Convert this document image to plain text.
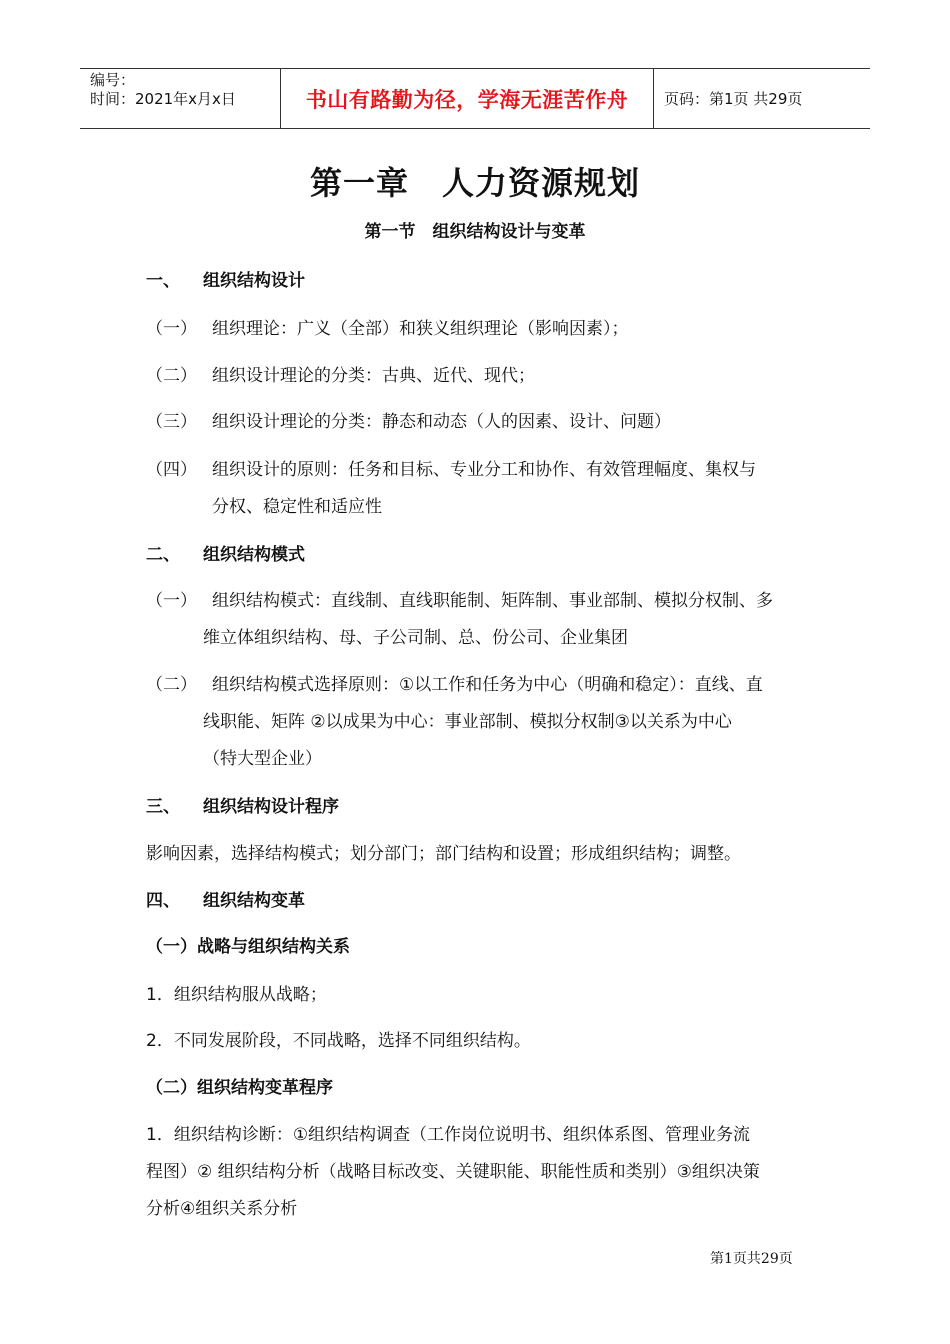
编号：
时间：2021年x月x日	书山有路勤为径，学海无涯苦作舟	页码：第1页 共29页
第一章　人力资源规划
第一节　组织结构设计与变革
一、 组织结构设计
（一） 组织理论：广义（全部）和狭义组织理论（影响因素）；
（二） 组织设计理论的分类：古典、近代、现代；
（三） 组织设计理论的分类：静态和动态（人的因素、设计、问题）
（四） 组织设计的原则：任务和目标、专业分工和协作、有效管理幅度、集权与
分权、稳定性和适应性
二、 组织结构模式
（一） 组织结构模式：直线制、直线职能制、矩阵制、事业部制、模拟分权制、多
维立体组织结构、母、子公司制、总、份公司、企业集团
（二） 组织结构模式选择原则：①以工作和任务为中心（明确和稳定）：直线、直
线职能、矩阵 ②以成果为中心：事业部制、模拟分权制③以关系为中心
（特大型企业）
三、 组织结构设计程序
影响因素，选择结构模式；划分部门；部门结构和设置；形成组织结构；调整。
四、 组织结构变革
（一）战略与组织结构关系
1．组织结构服从战略；
2．不同发展阶段，不同战略，选择不同组织结构。
（二）组织结构变革程序
1．组织结构诊断：①组织结构调查（工作岗位说明书、组织体系图、管理业务流
程图）② 组织结构分析（战略目标改变、关键职能、职能性质和类别）③组织决策
分析④组织关系分析
第1页共29页
